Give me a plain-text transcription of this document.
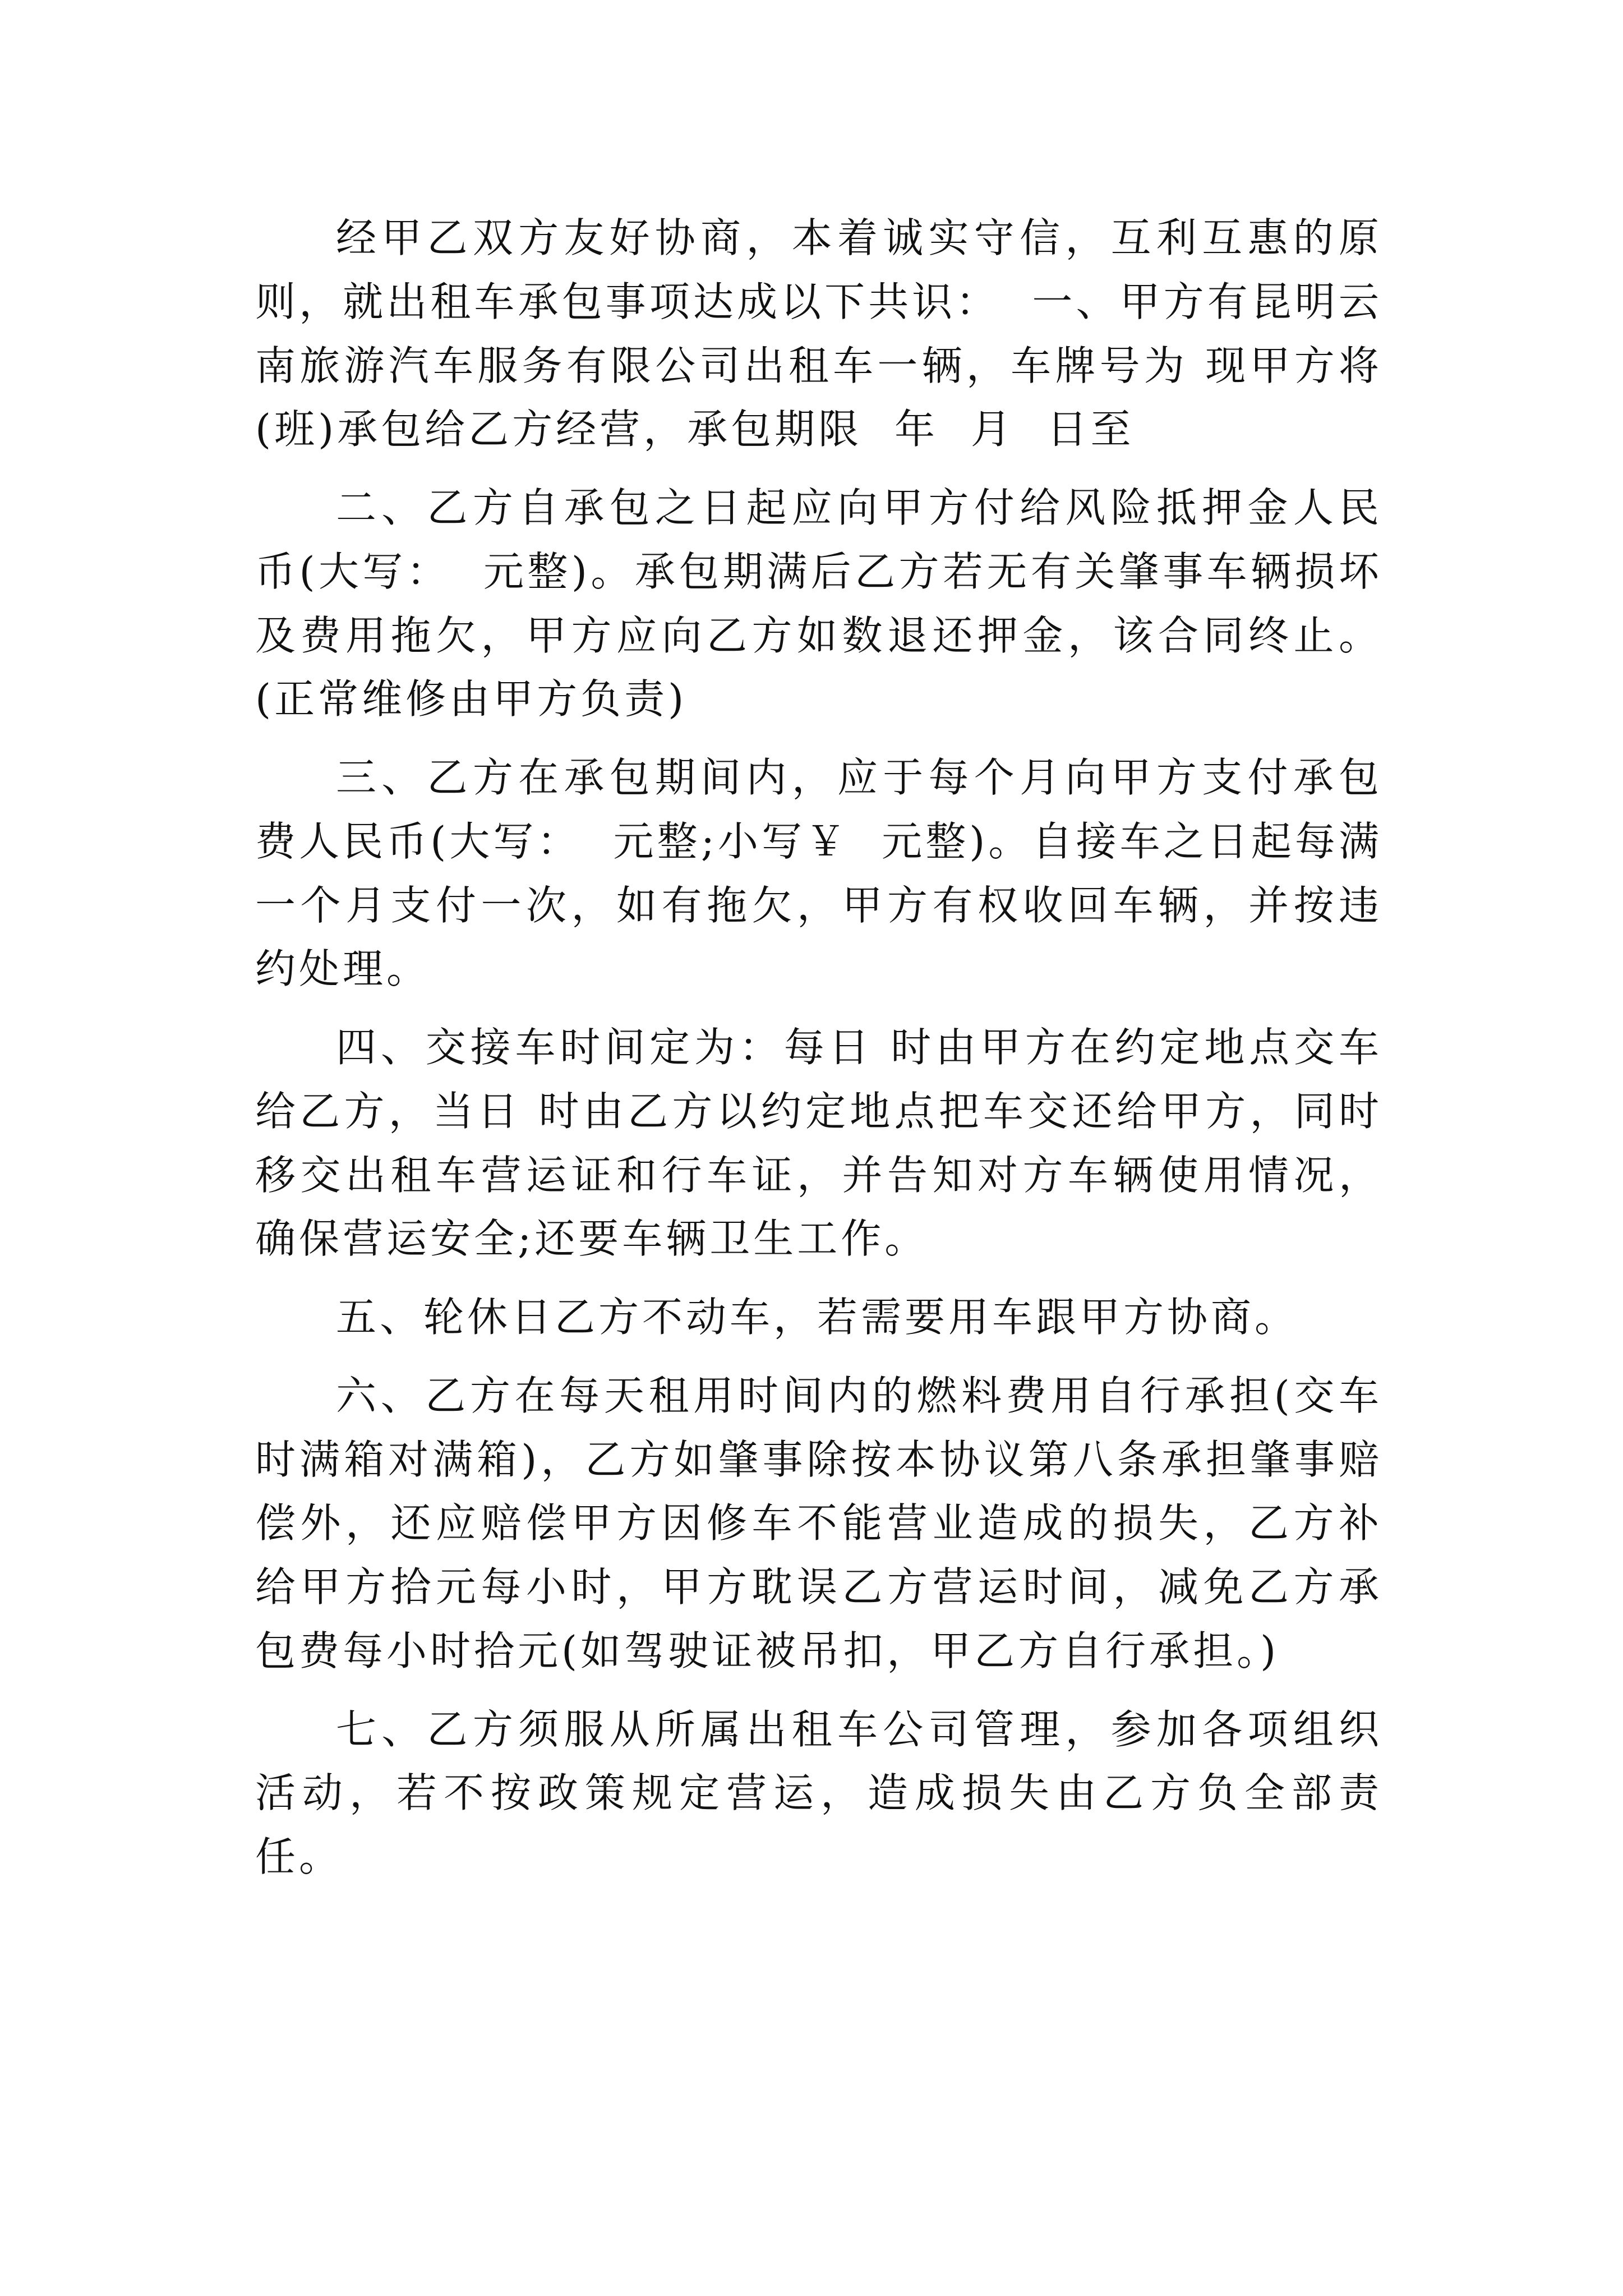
经甲乙双方友好协商，本着诚实守信，互利互惠的原则，就出租车承包事项达成以下共识：  一、甲方有昆明云南旅游汽车服务有限公司出租车一辆，车牌号为 现甲方将 (班)承包给乙方经营，承包期限  年  月  日至

二、乙方自承包之日起应向甲方付给风险抵押金人民币(大写：  元整)。承包期满后乙方若无有关肇事车辆损坏及费用拖欠，甲方应向乙方如数退还押金，该合同终止。(正常维修由甲方负责)

三、乙方在承包期间内，应于每个月向甲方支付承包费人民币(大写：  元整;小写￥  元整)。自接车之日起每满一个月支付一次，如有拖欠，甲方有权收回车辆，并按违约处理。

四、交接车时间定为：每日 时由甲方在约定地点交车给乙方，当日 时由乙方以约定地点把车交还给甲方，同时移交出租车营运证和行车证，并告知对方车辆使用情况，确保营运安全;还要车辆卫生工作。

五、轮休日乙方不动车，若需要用车跟甲方协商。

六、乙方在每天租用时间内的燃料费用自行承担(交车时满箱对满箱)，乙方如肇事除按本协议第八条承担肇事赔偿外，还应赔偿甲方因修车不能营业造成的损失，乙方补给甲方拾元每小时，甲方耽误乙方营运时间，减免乙方承包费每小时拾元(如驾驶证被吊扣，甲乙方自行承担。)

七、乙方须服从所属出租车公司管理，参加各项组织活动，若不按政策规定营运，造成损失由乙方负全部责任。
